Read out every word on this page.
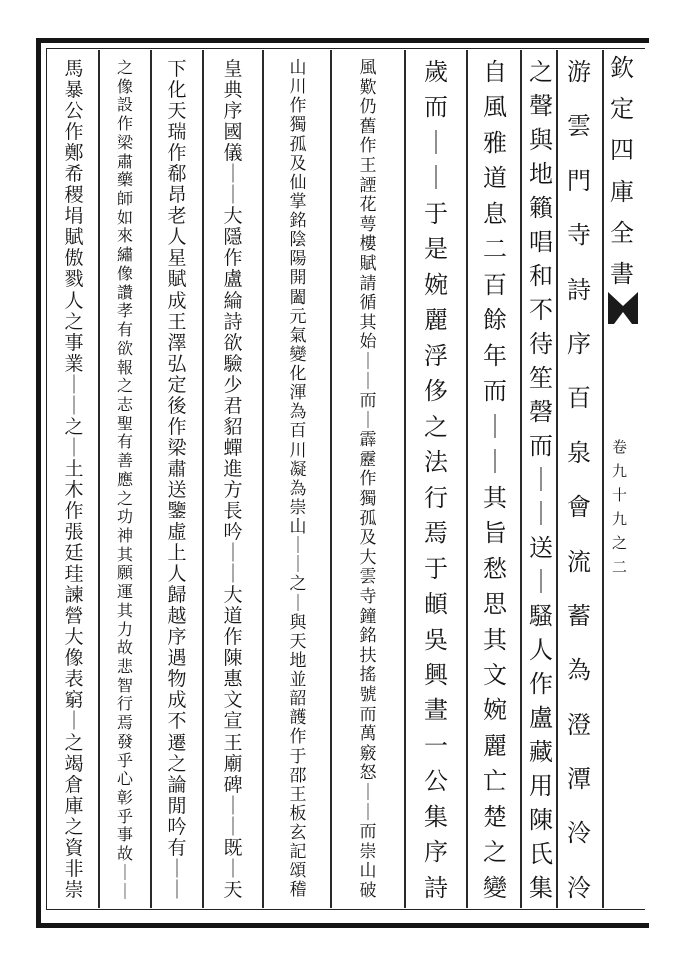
欽
定
四
庫
全
書
卷
九
十
九
之
二
游
雲
門
寺
詩
序
百
泉
會
流
蓄
為
澄
潭
泠
泠
之
聲
與
地
籟
唱
和
不
待
笙
磬
而
｜
｜
送
｜
騷
人
作
盧
藏
用
陳
氏
集
自
風
雅
道
息
二
百
餘
年
而
｜
｜
其
旨
愁
思
其
文
婉
麗
亡
楚
之
變
歲
而
｜
｜
于
是
婉
麗
浮
侈
之
法
行
焉
于
頔
吳
興
晝
一
公
集
序
詩
風
歎
仍
舊
作
王
諲
花
萼
樓
賦
請
循
其
始
｜
｜
而
｜
霹
靂
作
獨
孤
及
大
雲
寺
鐘
銘
扶
搖
號
而
萬
竅
怒
｜
｜
而
崇
山
破
山
川
作
獨
孤
及
仙
掌
銘
陰
陽
開
闔
元
氣
變
化
渾
為
百
川
凝
為
崇
山
｜
｜
之
｜
與
天
地
並
韶
頀
作
于
邵
王
板
玄
記
頌
稽
皇
典
序
國
儀
｜
｜
大
隱
作
盧
綸
詩
欲
驗
少
君
貂
蟬
進
方
長
吟
｜
｜
大
道
作
陳
惠
文
宣
王
廟
碑
｜
｜
既
｜
天
下
化
天
瑞
作
郗
昂
老
人
星
賦
成
王
澤
弘
定
後
作
梁
肅
送
鑒
虛
上
人
歸
越
序
遇
物
成
不
遷
之
論
閒
吟
有
｜
｜
之
像
設
作
梁
肅
藥
師
如
來
繡
像
讚
孝
有
欲
報
之
志
聖
有
善
應
之
功
神
其
願
運
其
力
故
悲
智
行
焉
發
乎
心
彰
乎
事
故
｜
｜
馬
暴
公
作
鄭
希
稷
埍
賦
傲
戮
人
之
事
業
｜
｜
之
｜
土
木
作
張
廷
珪
諫
營
大
像
表
窮
｜
之
竭
倉
庫
之
資
非
崇
